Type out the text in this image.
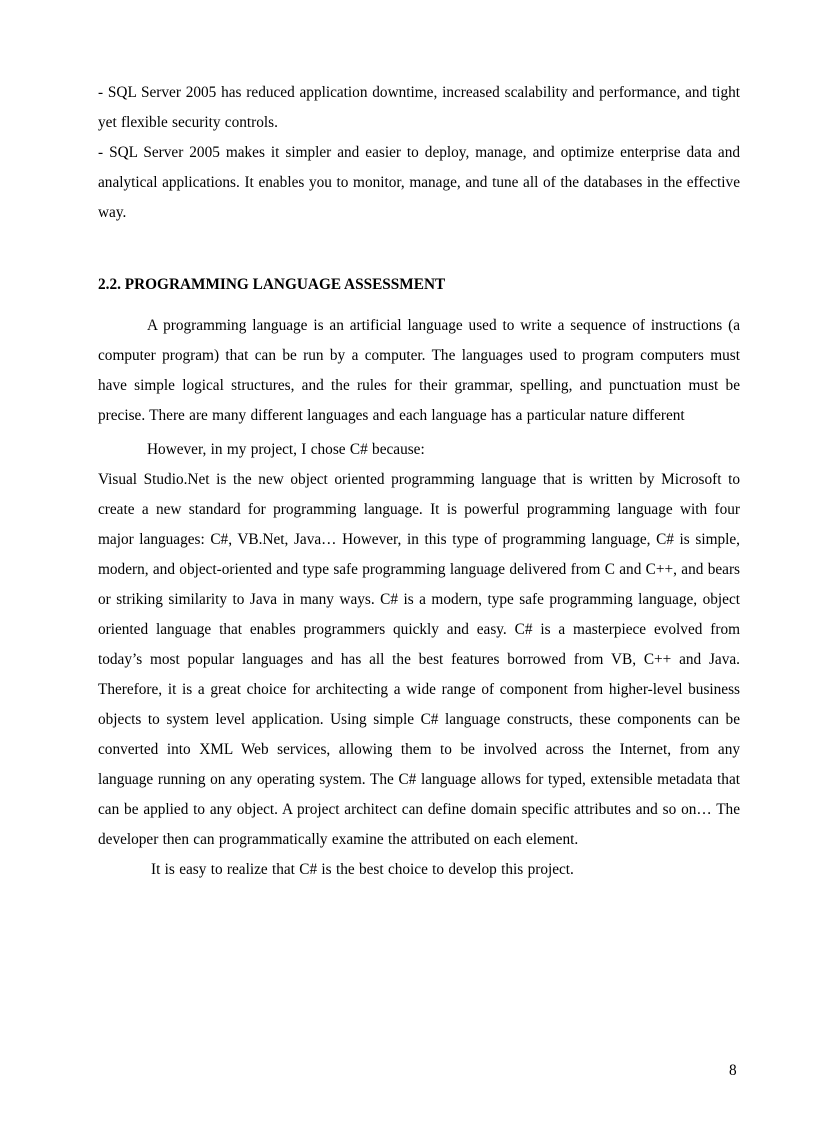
- SQL Server 2005 has reduced application downtime, increased scalability and performance, and tight yet flexible security controls.

- SQL Server 2005 makes it simpler and easier to deploy, manage, and optimize enterprise data and analytical applications. It enables you to monitor, manage, and tune all of the databases in the effective way.

2.2. PROGRAMMING LANGUAGE ASSESSMENT

A programming language is an artificial language used to write a sequence of instructions (a computer program) that can be run by a computer. The languages used to program computers must have simple logical structures, and the rules for their grammar, spelling, and punctuation must be precise. There are many different languages and each language has a particular nature different

However, in my project, I chose C# because:

Visual Studio.Net is the new object oriented programming language that is written by Microsoft to create a new standard for programming language. It is powerful programming language with four major languages: C#, VB.Net, Java… However, in this type of programming language, C# is simple, modern, and object-oriented and type safe programming language delivered from C and C++, and bears or striking similarity to Java in many ways. C# is a modern, type safe programming language, object oriented language that enables programmers quickly and easy. C# is a masterpiece evolved from today’s most popular languages and has all the best features borrowed from VB, C++ and Java. Therefore, it is a great choice for architecting a wide range of component from higher-level business objects to system level application. Using simple C# language constructs, these components can be converted into XML Web services, allowing them to be involved across the Internet, from any language running on any operating system. The C# language allows for typed, extensible metadata that can be applied to any object. A project architect can define domain specific attributes and so on… The developer then can programmatically examine the attributed on each element.

It is easy to realize that C# is the best choice to develop this project.

8
